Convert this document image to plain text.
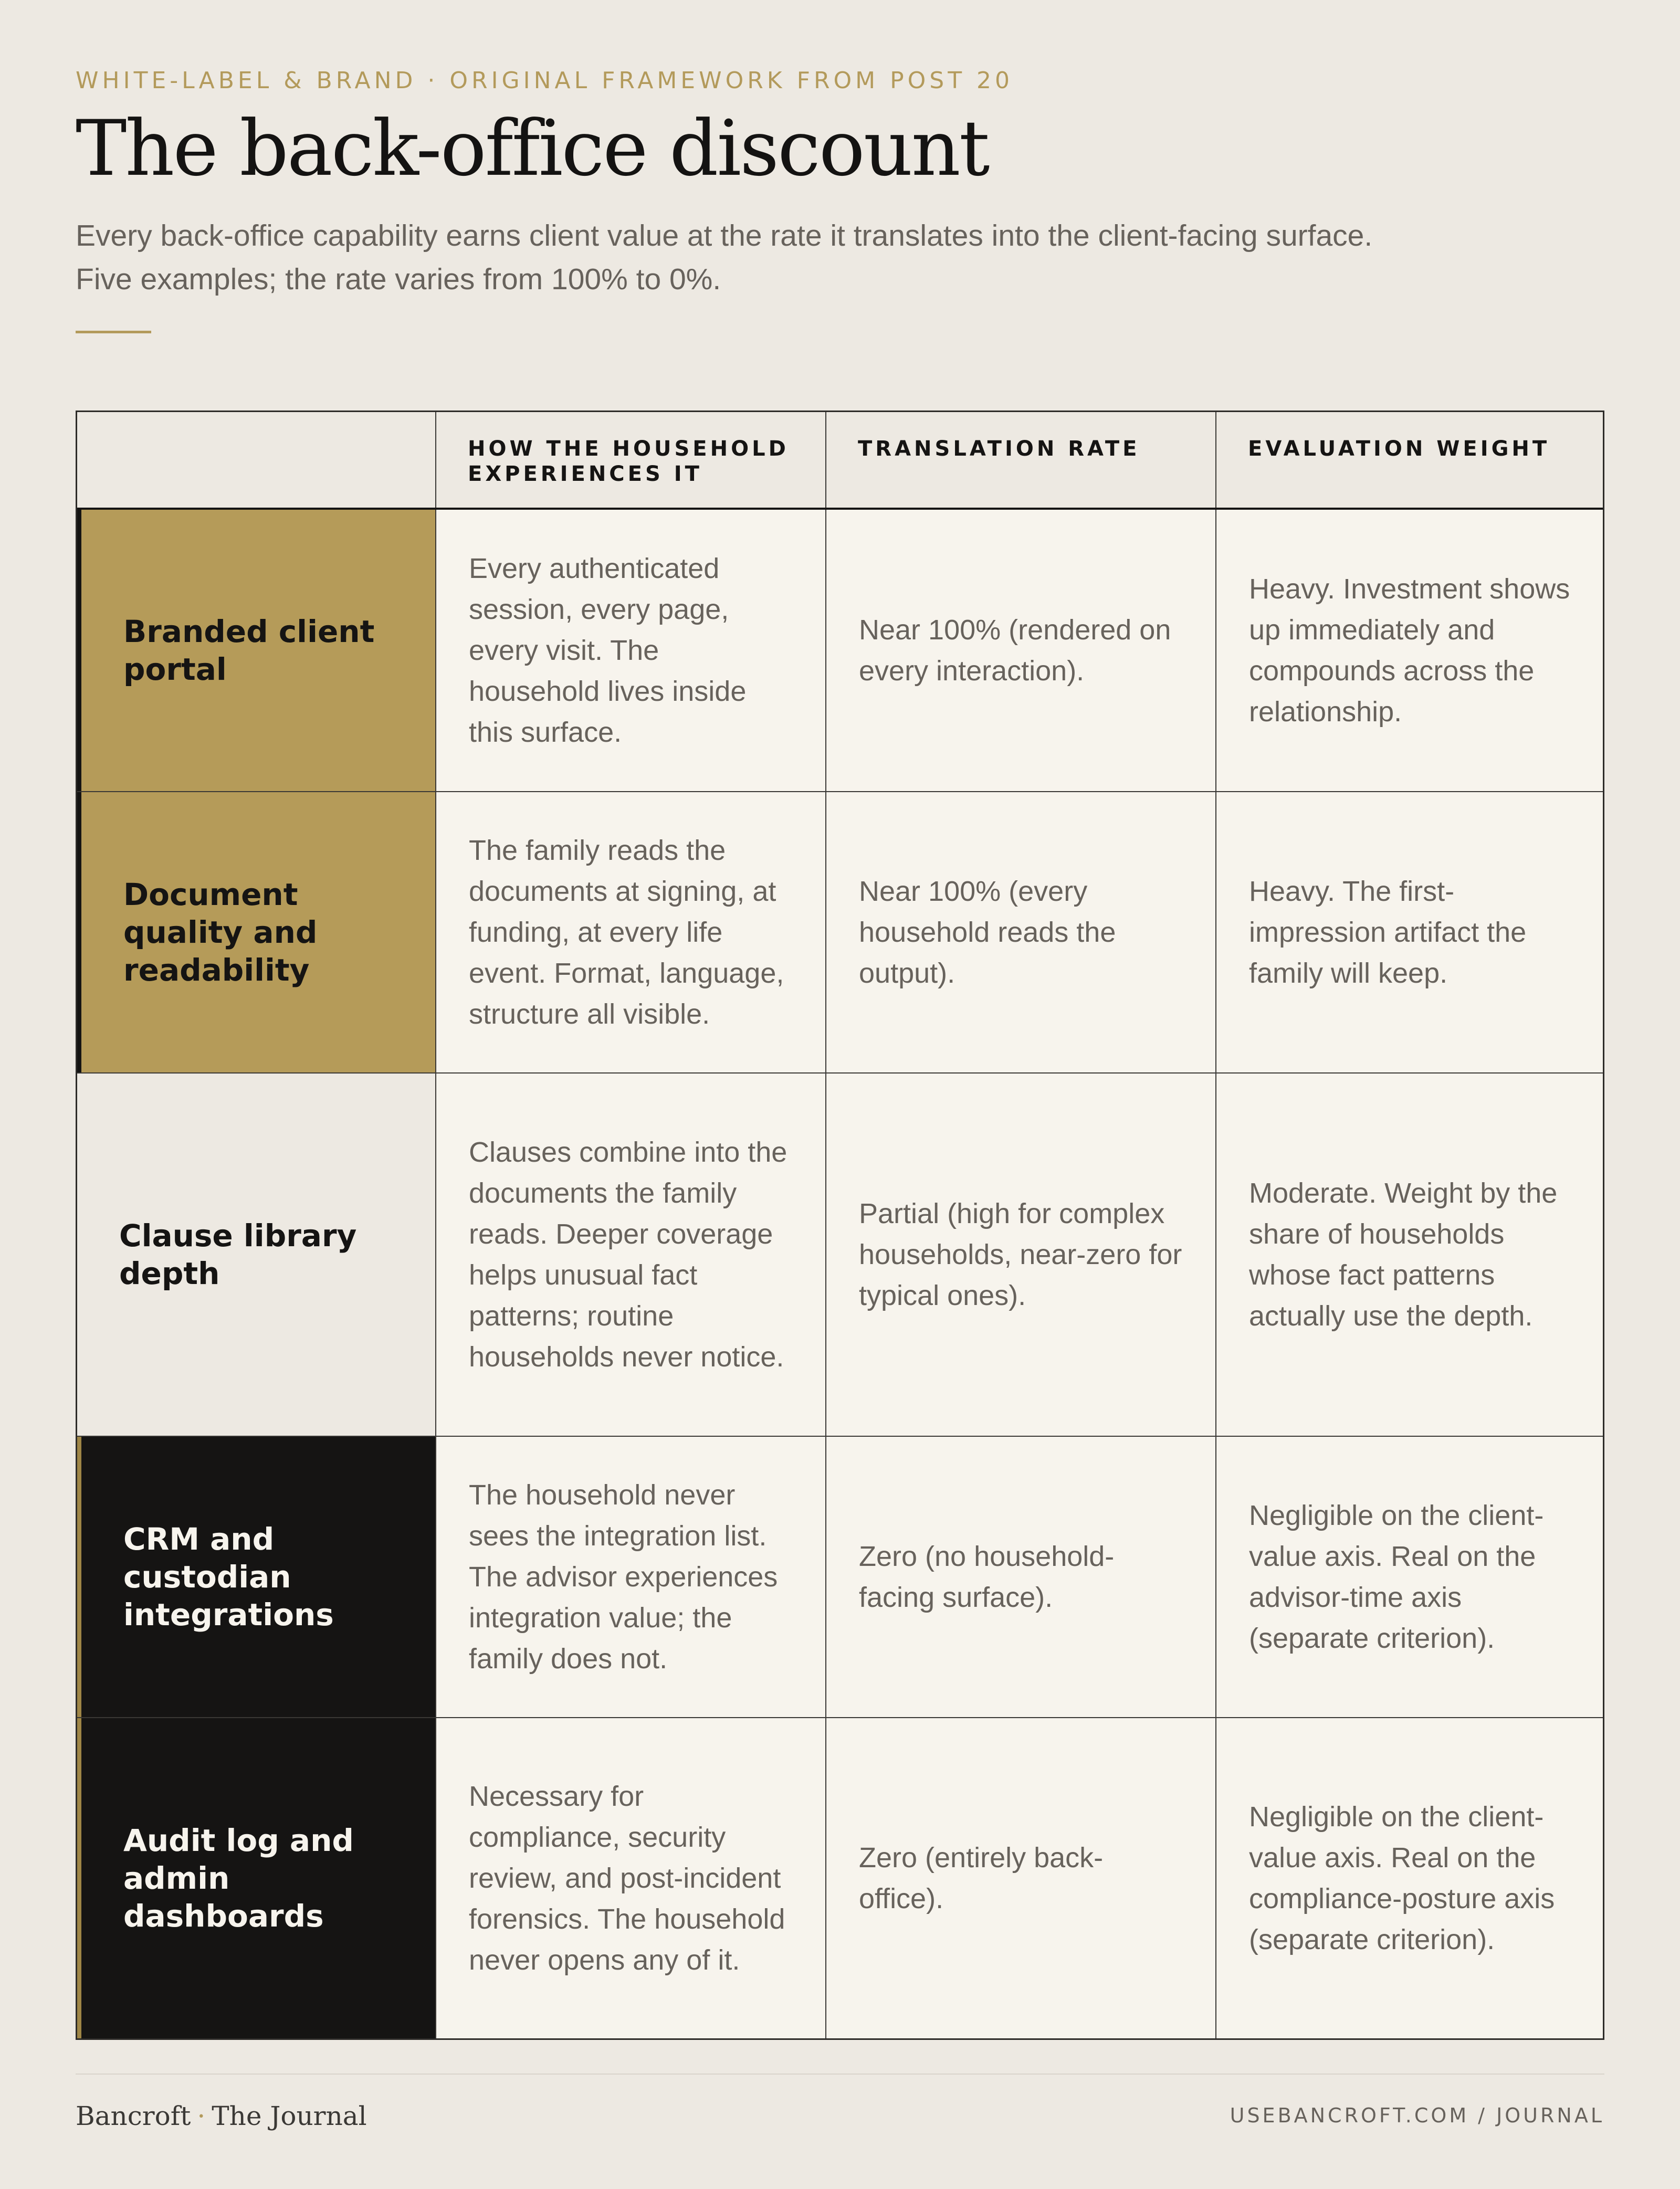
WHITE-LABEL & BRAND · ORIGINAL FRAMEWORK FROM POST 20
The back-office discount

Every back-office capability earns client value at the rate it translates into the client-facing surface. Five examples; the rate varies from 100% to 0%.

HOW THE HOUSEHOLD EXPERIENCES IT
TRANSLATION RATE	EVALUATION WEIGHT
Branded client portal
Every authenticated session, every page, every visit. The household lives inside this surface.
Near 100% (rendered on every interaction).
Heavy. Investment shows up immediately and compounds across the relationship.
Document quality and readability
The family reads the documents at signing, at funding, at every life event. Format, language, structure all visible.
Near 100% (every household reads the output).
Heavy. The first-impression artifact the family will keep.
Clause library depth
Clauses combine into the documents the family reads. Deeper coverage helps unusual fact patterns; routine households never notice.
Partial (high for complex households, near-zero for typical ones).
Moderate. Weight by the share of households whose fact patterns actually use the depth.
CRM and custodian integrations
The household never sees the integration list. The advisor experiences integration value; the family does not.
Zero (no household-facing surface).
Negligible on the client-value axis. Real on the advisor-time axis (separate criterion).
Audit log and admin dashboards
Necessary for compliance, security review, and post-incident forensics. The household never opens any of it.
Zero (entirely back-office).
Negligible on the client-value axis. Real on the compliance-posture axis (separate criterion).
Bancroft · The Journal	USEBANCROFT.COM / JOURNAL
